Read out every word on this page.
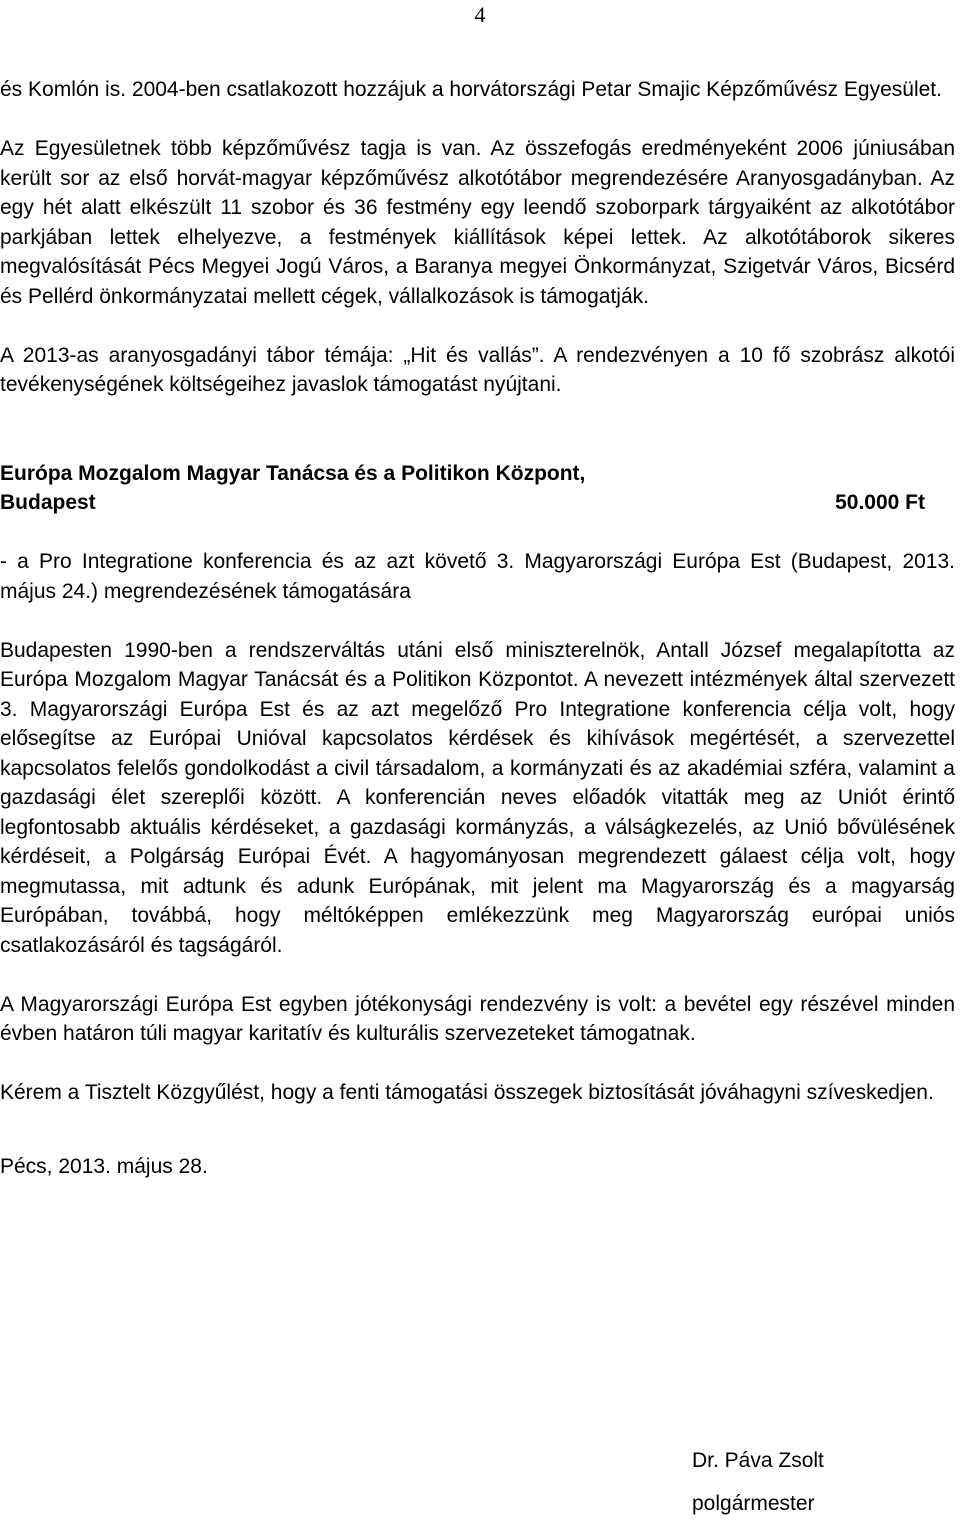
4

és Komlón is. 2004-ben csatlakozott hozzájuk a horvátországi Petar Smajic Képzőművész Egyesület.

Az Egyesületnek több képzőművész tagja is van. Az összefogás eredményeként 2006 júniusában került sor az első horvát-magyar képzőművész alkotótábor megrendezésére Aranyosgadányban. Az egy hét alatt elkészült 11 szobor és 36 festmény egy leendő szoborpark tárgyaiként az alkotótábor parkjában lettek elhelyezve, a festmények kiállítások képei lettek. Az alkotótáborok sikeres megvalósítását Pécs Megyei Jogú Város, a Baranya megyei Önkormányzat, Szigetvár Város, Bicsérd és Pellérd önkormányzatai mellett cégek, vállalkozások is támogatják.

A 2013-as aranyosgadányi tábor témája: „Hit és vallás”. A rendezvényen a 10 fő szobrász alkotói tevékenységének költségeihez javaslok támogatást nyújtani.

Európa Mozgalom Magyar Tanácsa és a Politikon Központ,
Budapest	50.000 Ft

- a Pro Integratione konferencia és az azt követő 3. Magyarországi Európa Est (Budapest, 2013. május 24.) megrendezésének támogatására

Budapesten 1990-ben a rendszerváltás utáni első miniszterelnök, Antall József megalapította az Európa Mozgalom Magyar Tanácsát és a Politikon Központot. A nevezett intézmények által szervezett 3. Magyarországi Európa Est és az azt megelőző Pro Integratione konferencia célja volt, hogy elősegítse az Európai Unióval kapcsolatos kérdések és kihívások megértését, a szervezettel kapcsolatos felelős gondolkodást a civil társadalom, a kormányzati és az akadémiai szféra, valamint a gazdasági élet szereplői között. A konferencián neves előadók vitatták meg az Uniót érintő legfontosabb aktuális kérdéseket, a gazdasági kormányzás, a válságkezelés, az Unió bővülésének kérdéseit, a Polgárság Európai Évét. A hagyományosan megrendezett gálaest célja volt, hogy megmutassa, mit adtunk és adunk Európának, mit jelent ma Magyarország és a magyarság Európában, továbbá, hogy méltóképpen emlékezzünk meg Magyarország európai uniós csatlakozásáról és tagságáról.

A Magyarországi Európa Est egyben jótékonysági rendezvény is volt: a bevétel egy részével minden évben határon túli magyar karitatív és kulturális szervezeteket támogatnak.

Kérem a Tisztelt Közgyűlést, hogy a fenti támogatási összegek biztosítását jóváhagyni szíveskedjen.

Pécs, 2013. május 28.

Dr. Páva Zsolt
polgármester
